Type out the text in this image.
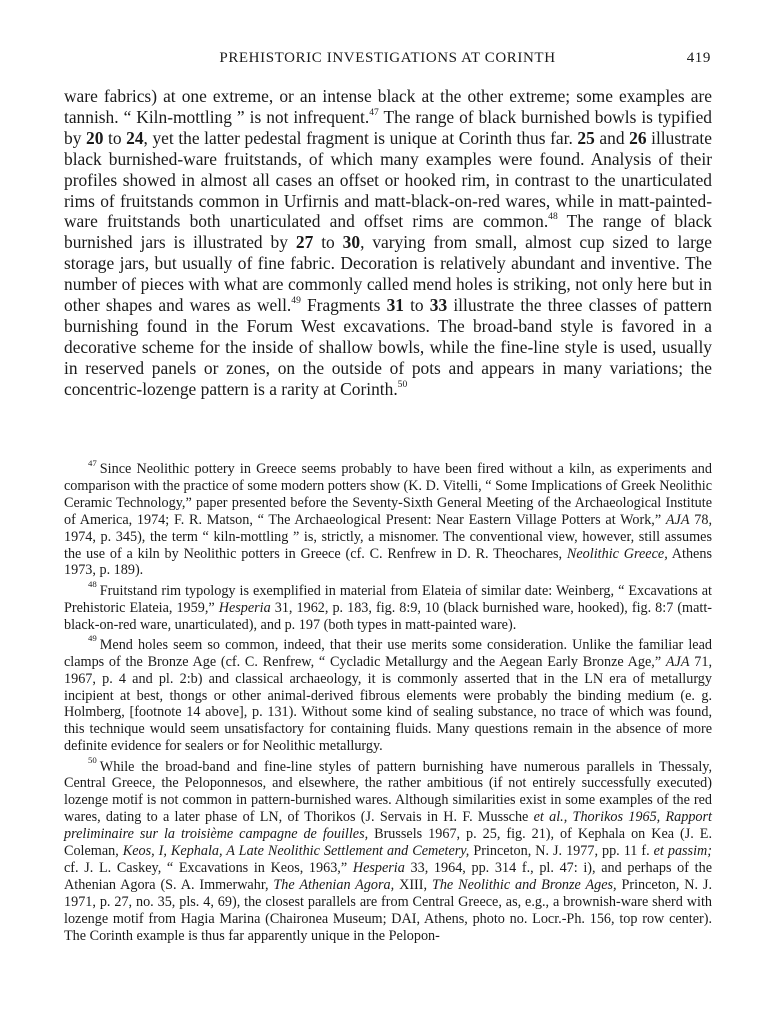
PREHISTORIC INVESTIGATIONS AT CORINTH	419

ware fabrics) at one extreme, or an intense black at the other extreme; some examples are tannish. “ Kiln-mottling ” is not infrequent.$^{47}$ The range of black burnished bowls is typified by 20 to 24, yet the latter pedestal fragment is unique at Corinth thus far. 25 and 26 illustrate black burnished-ware fruitstands, of which many examples were found. Analysis of their profiles showed in almost all cases an offset or hooked rim, in contrast to the unarticulated rims of fruitstands common in Urfirnis and matt-black-on-red wares, while in matt-painted-ware fruitstands both unarticulated and offset rims are common.$^{48}$ The range of black burnished jars is illustrated by 27 to 30, varying from small, almost cup sized to large storage jars, but usually of fine fabric. Decoration is relatively abundant and inventive. The number of pieces with what are commonly called mend holes is striking, not only here but in other shapes and wares as well.$^{49}$ Fragments 31 to 33 illustrate the three classes of pattern burnishing found in the Forum West excavations. The broad-band style is favored in a decorative scheme for the inside of shallow bowls, while the fine-line style is used, usually in reserved panels or zones, on the outside of pots and appears in many variations; the concentric-lozenge pattern is a rarity at Corinth.$^{50}$

$^{47}$ Since Neolithic pottery in Greece seems probably to have been fired without a kiln, as experiments and comparison with the practice of some modern potters show (K. D. Vitelli, “ Some Implications of Greek Neolithic Ceramic Technology,” paper presented before the Seventy-Sixth General Meeting of the Archaeological Institute of America, 1974; F. R. Matson, “ The Archaeological Present: Near Eastern Village Potters at Work,” AJA 78, 1974, p. 345), the term “ kiln-mottling ” is, strictly, a misnomer. The conventional view, however, still assumes the use of a kiln by Neolithic potters in Greece (cf. C. Renfrew in D. R. Theochares, Neolithic Greece, Athens 1973, p. 189).

$^{48}$ Fruitstand rim typology is exemplified in material from Elateia of similar date: Weinberg, “ Excavations at Prehistoric Elateia, 1959,” Hesperia 31, 1962, p. 183, fig. 8:9, 10 (black burnished ware, hooked), fig. 8:7 (matt-black-on-red ware, unarticulated), and p. 197 (both types in matt-painted ware).

$^{49}$ Mend holes seem so common, indeed, that their use merits some consideration. Unlike the familiar lead clamps of the Bronze Age (cf. C. Renfrew, “ Cycladic Metallurgy and the Aegean Early Bronze Age,” AJA 71, 1967, p. 4 and pl. 2:b) and classical archaeology, it is commonly asserted that in the LN era of metallurgy incipient at best, thongs or other animal-derived fibrous elements were probably the binding medium (e. g. Holmberg, [footnote 14 above], p. 131). Without some kind of sealing substance, no trace of which was found, this technique would seem unsatisfactory for containing fluids. Many questions remain in the absence of more definite evidence for sealers or for Neolithic metallurgy.

$^{50}$ While the broad-band and fine-line styles of pattern burnishing have numerous parallels in Thessaly, Central Greece, the Peloponnesos, and elsewhere, the rather ambitious (if not entirely successfully executed) lozenge motif is not common in pattern-burnished wares. Although similarities exist in some examples of the red wares, dating to a later phase of LN, of Thorikos (J. Servais in H. F. Mussche et al., Thorikos 1965, Rapport preliminaire sur la troisième campagne de fouilles, Brussels 1967, p. 25, fig. 21), of Kephala on Kea (J. E. Coleman, Keos, I, Kephala, A Late Neolithic Settlement and Cemetery, Princeton, N. J. 1977, pp. 11 f. et passim; cf. J. L. Caskey, “ Excavations in Keos, 1963,” Hesperia 33, 1964, pp. 314 f., pl. 47: i), and perhaps of the Athenian Agora (S. A. Immerwahr, The Athenian Agora, XIII, The Neolithic and Bronze Ages, Princeton, N. J. 1971, p. 27, no. 35, pls. 4, 69), the closest parallels are from Central Greece, as, e.g., a brownish-ware sherd with lozenge motif from Hagia Marina (Chaironea Museum; DAI, Athens, photo no. Locr.-Ph. 156, top row center). The Corinth example is thus far apparently unique in the Pelopon-
